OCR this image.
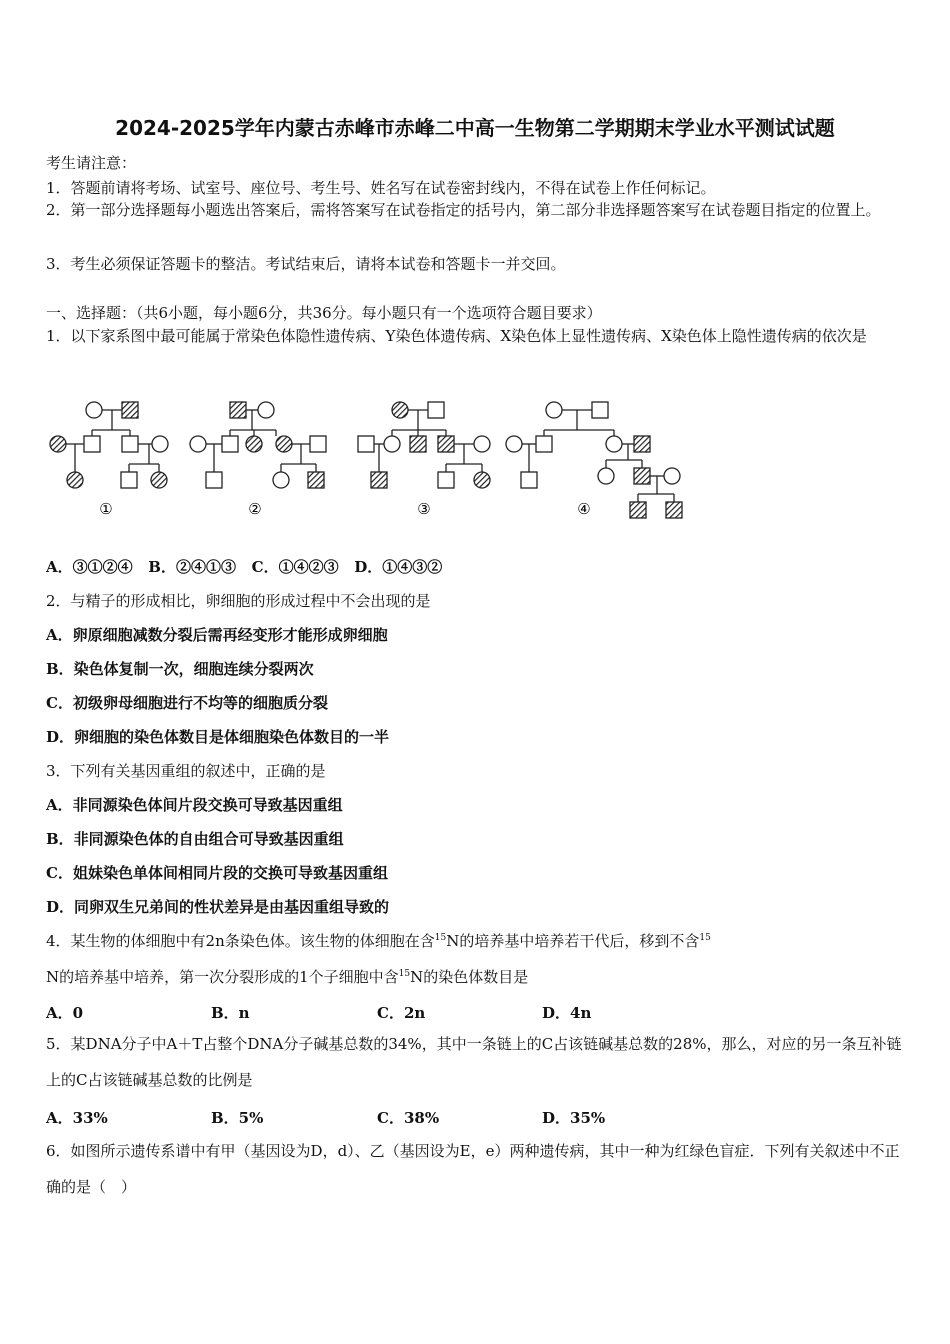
2024-2025学年内蒙古赤峰市赤峰二中高一生物第二学期期末学业水平测试试题
考生请注意：
1．答题前请将考场、试室号、座位号、考生号、姓名写在试卷密封线内，不得在试卷上作任何标记。
2．第一部分选择题每小题选出答案后，需将答案写在试卷指定的括号内，第二部分非选择题答案写在试卷题目指定的位置上。
3．考生必须保证答题卡的整洁。考试结束后，请将本试卷和答题卡一并交回。
一、选择题：（共6小题，每小题6分，共36分。每小题只有一个选项符合题目要求）
1．以下家系图中最可能属于常染色体隐性遗传病、Y染色体遗传病、X染色体上显性遗传病、X染色体上隐性遗传病的依次是
①	②	③	④
A．③①②④   B．②④①③   C．①④②③   D．①④③②
2．与精子的形成相比，卵细胞的形成过程中不会出现的是
A．卵原细胞减数分裂后需再经变形才能形成卵细胞
B．染色体复制一次，细胞连续分裂两次
C．初级卵母细胞进行不均等的细胞质分裂
D．卵细胞的染色体数目是体细胞染色体数目的一半
3．下列有关基因重组的叙述中，正确的是
A．非同源染色体间片段交换可导致基因重组
B．非同源染色体的自由组合可导致基因重组
C．姐妹染色单体间相同片段的交换可导致基因重组
D．同卵双生兄弟间的性状差异是由基因重组导致的
4．某生物的体细胞中有2n条染色体。该生物的体细胞在含$^{15}$N的培养基中培养若干代后，移到不含$^{15}$
N的培养基中培养，第一次分裂形成的1个子细胞中含$^{15}$N的染色体数目是
A．0	B．n	C．2n	D．4n
5．某DNA分子中A＋T占整个DNA分子碱基总数的34%，其中一条链上的C占该链碱基总数的28%，那么，对应的另一条互补链上的C占该链碱基总数的比例是
A．33%	B．5%	C．38%	D．35%
6．如图所示遗传系谱中有甲（基因设为D，d）、乙（基因设为E，e）两种遗传病，其中一种为红绿色盲症．下列有关叙述中不正确的是（　）
